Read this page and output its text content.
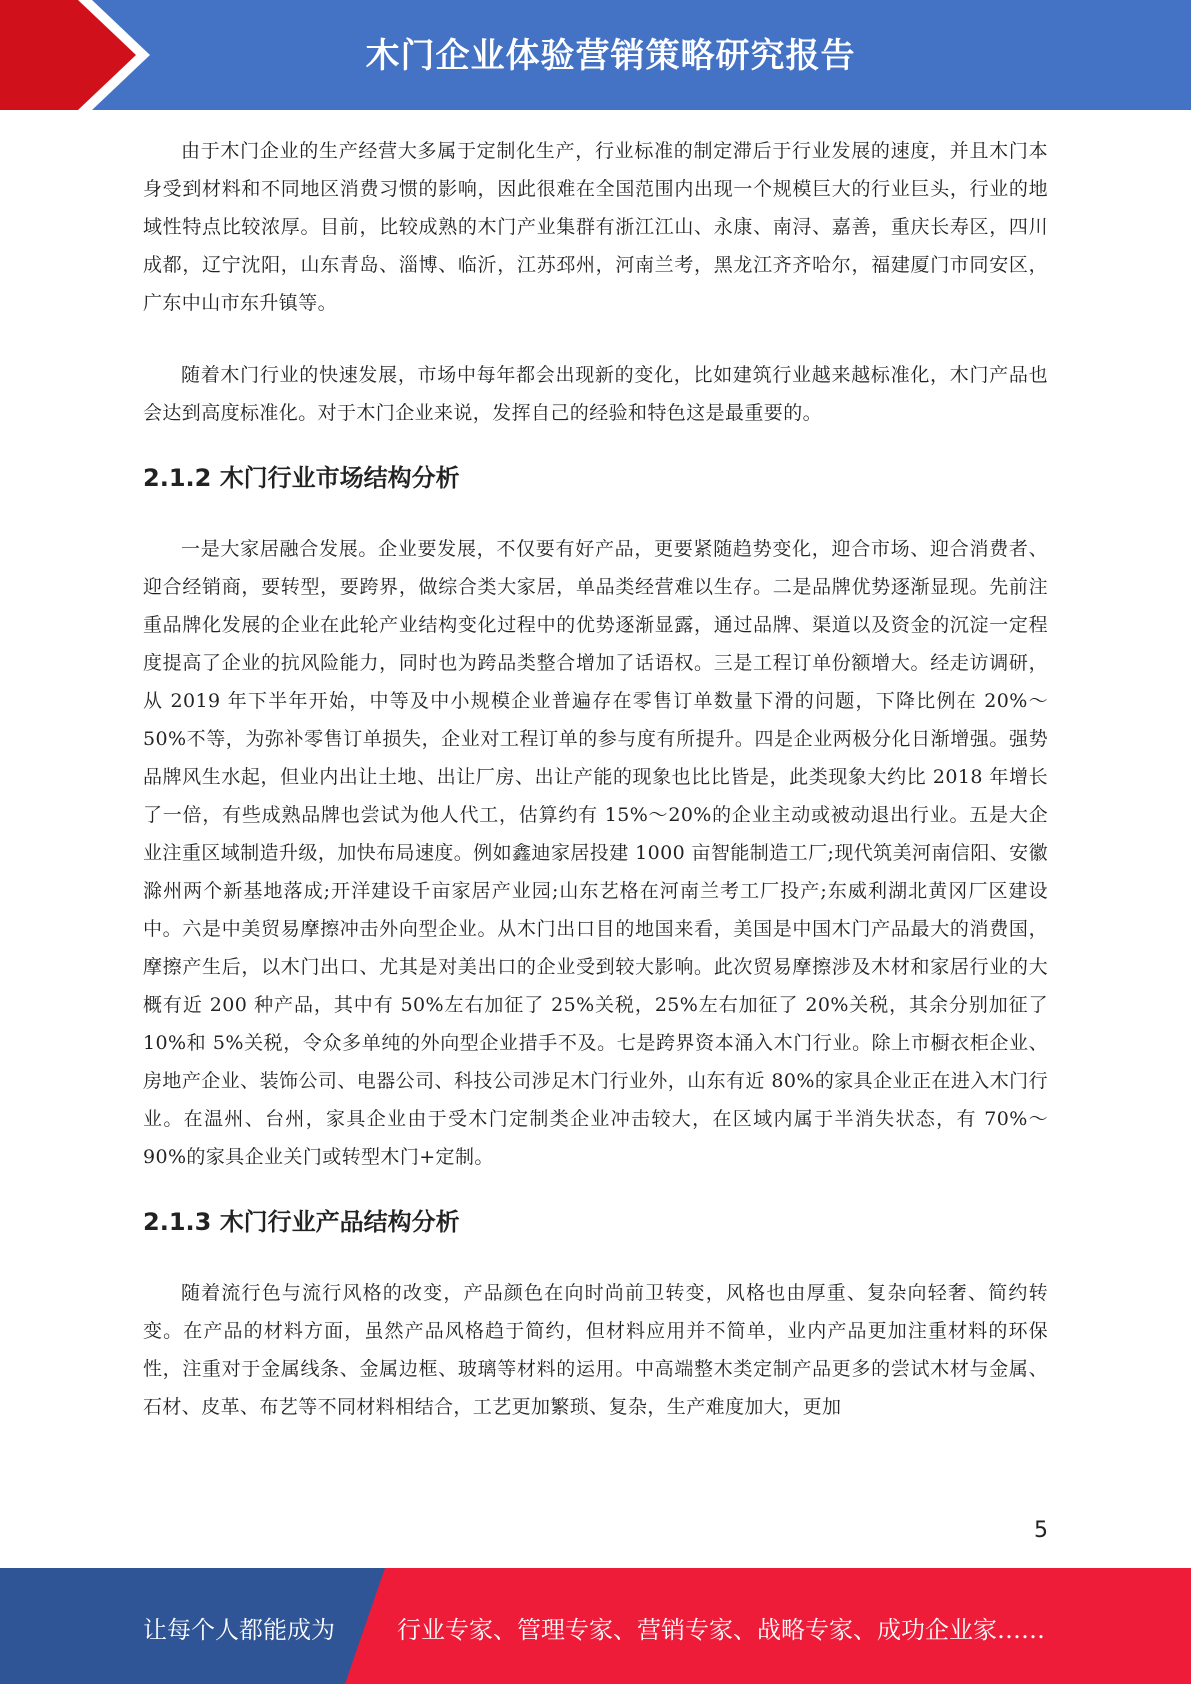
木门企业体验营销策略研究报告

由于木门企业的生产经营大多属于定制化生产，行业标准的制定滞后于行业发展的速度，并且木门本身受到材料和不同地区消费习惯的影响，因此很难在全国范围内出现一个规模巨大的行业巨头，行业的地域性特点比较浓厚。目前，比较成熟的木门产业集群有浙江江山、永康、南浔、嘉善，重庆长寿区，四川成都，辽宁沈阳，山东青岛、淄博、临沂，江苏邳州，河南兰考，黑龙江齐齐哈尔，福建厦门市同安区，广东中山市东升镇等。

随着木门行业的快速发展，市场中每年都会出现新的变化，比如建筑行业越来越标准化，木门产品也会达到高度标准化。对于木门企业来说，发挥自己的经验和特色这是最重要的。

2.1.2 木门行业市场结构分析

一是大家居融合发展。企业要发展，不仅要有好产品，更要紧随趋势变化，迎合市场、迎合消费者、迎合经销商，要转型，要跨界，做综合类大家居，单品类经营难以生存。二是品牌优势逐渐显现。先前注重品牌化发展的企业在此轮产业结构变化过程中的优势逐渐显露，通过品牌、渠道以及资金的沉淀一定程度提高了企业的抗风险能力，同时也为跨品类整合增加了话语权。三是工程订单份额增大。经走访调研，从 2019 年下半年开始，中等及中小规模企业普遍存在零售订单数量下滑的问题，下降比例在 20%～50%不等，为弥补零售订单损失，企业对工程订单的参与度有所提升。四是企业两极分化日渐增强。强势品牌风生水起，但业内出让土地、出让厂房、出让产能的现象也比比皆是，此类现象大约比 2018 年增长了一倍，有些成熟品牌也尝试为他人代工，估算约有 15%～20%的企业主动或被动退出行业。五是大企业注重区域制造升级，加快布局速度。例如鑫迪家居投建 1000 亩智能制造工厂;现代筑美河南信阳、安徽滁州两个新基地落成;开洋建设千亩家居产业园;山东艺格在河南兰考工厂投产;东威利湖北黄冈厂区建设中。六是中美贸易摩擦冲击外向型企业。从木门出口目的地国来看，美国是中国木门产品最大的消费国，摩擦产生后，以木门出口、尤其是对美出口的企业受到较大影响。此次贸易摩擦涉及木材和家居行业的大概有近 200 种产品，其中有 50%左右加征了 25%关税，25%左右加征了 20%关税，其余分别加征了 10%和 5%关税，令众多单纯的外向型企业措手不及。七是跨界资本涌入木门行业。除上市橱衣柜企业、房地产企业、装饰公司、电器公司、科技公司涉足木门行业外，山东有近 80%的家具企业正在进入木门行业。在温州、台州，家具企业由于受木门定制类企业冲击较大，在区域内属于半消失状态，有 70%～90%的家具企业关门或转型木门+定制。

2.1.3 木门行业产品结构分析

随着流行色与流行风格的改变，产品颜色在向时尚前卫转变，风格也由厚重、复杂向轻奢、简约转变。在产品的材料方面，虽然产品风格趋于简约，但材料应用并不简单，业内产品更加注重材料的环保性，注重对于金属线条、金属边框、玻璃等材料的运用。中高端整木类定制产品更多的尝试木材与金属、石材、皮革、布艺等不同材料相结合，工艺更加繁琐、复杂，生产难度加大，更加

5
让每个人都能成为	行业专家、管理专家、营销专家、战略专家、成功企业家……
